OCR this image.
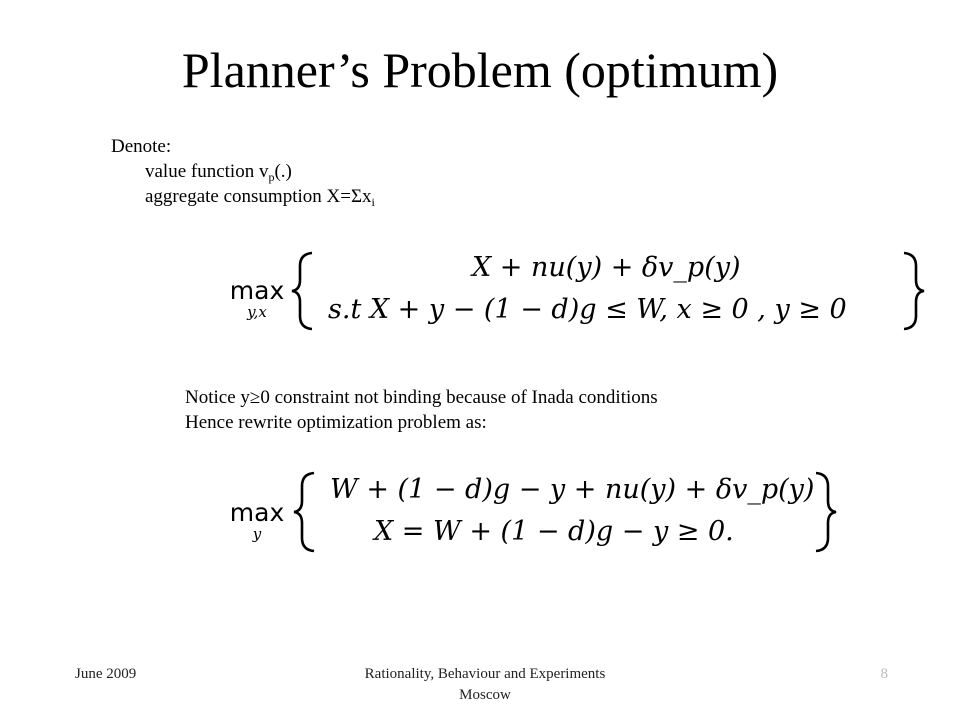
Planner’s Problem (optimum)
Denote:
value function $v_p(.)$
aggregate consumption $X=\Sigma x_i$
max
y,x
X + nu(y) + δv_p(y)
s.t X + y − (1 − d)g ≤ W, x ≥ 0 , y ≥ 0
Notice y≥0 constraint not binding because of Inada conditions
Hence rewrite optimization problem as:
max
y
W + (1 − d)g − y + nu(y) + δv_p(y)
X = W + (1 − d)g − y ≥ 0.
June 2009	Rationality, Behaviour and Experiments
Moscow
8
